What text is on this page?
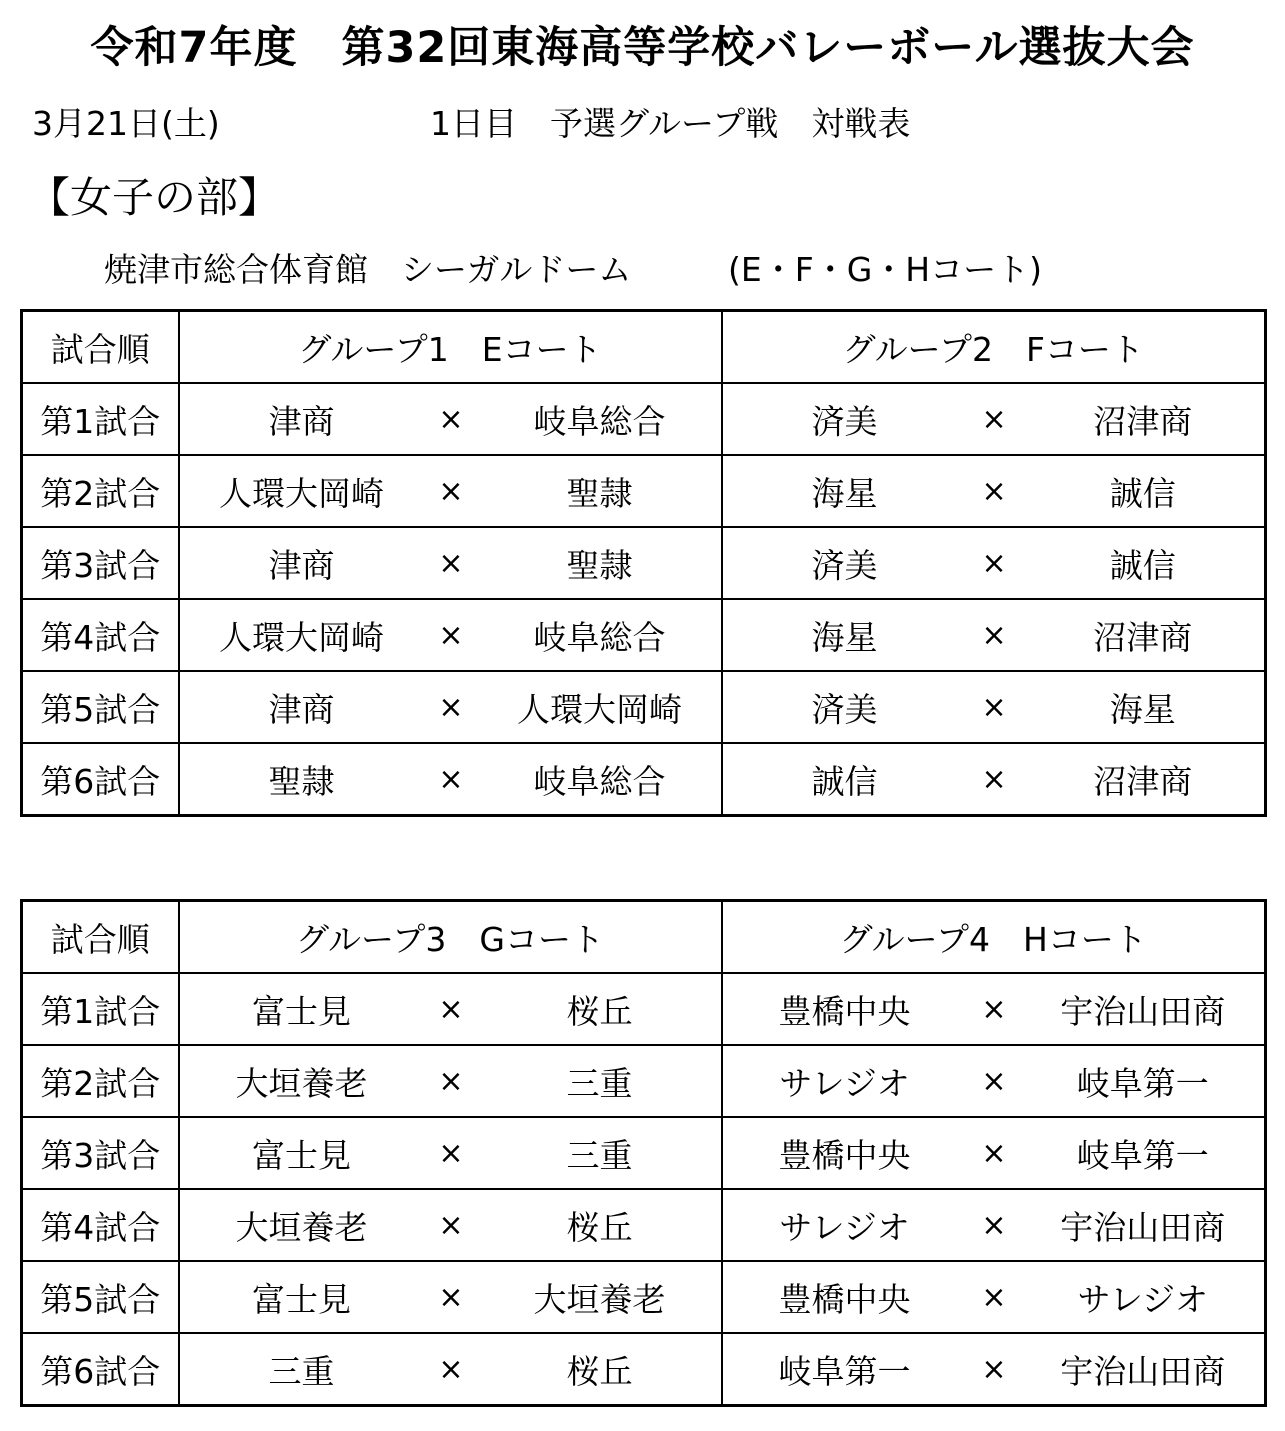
令和7年度　第32回東海高等学校バレーボール選抜大会
3月21日(土)	1日目　予選グループ戦　対戦表
【女子の部】
焼津市総合体育館　シーガルドーム	(E・F・G・Hコート)
試合順	グループ1　Eコート			グループ2　Fコート		
第1試合	津商	×	岐阜総合	済美	×	沼津商
第2試合	人環大岡崎	×	聖隷	海星	×	誠信
第3試合	津商	×	聖隷	済美	×	誠信
第4試合	人環大岡崎	×	岐阜総合	海星	×	沼津商
第5試合	津商	×	人環大岡崎	済美	×	海星
第6試合	聖隷	×	岐阜総合	誠信	×	沼津商
試合順	グループ3　Gコート			グループ4　Hコート		
第1試合	富士見	×	桜丘	豊橋中央	×	宇治山田商
第2試合	大垣養老	×	三重	サレジオ	×	岐阜第一
第3試合	富士見	×	三重	豊橋中央	×	岐阜第一
第4試合	大垣養老	×	桜丘	サレジオ	×	宇治山田商
第5試合	富士見	×	大垣養老	豊橋中央	×	サレジオ
第6試合	三重	×	桜丘	岐阜第一	×	宇治山田商
